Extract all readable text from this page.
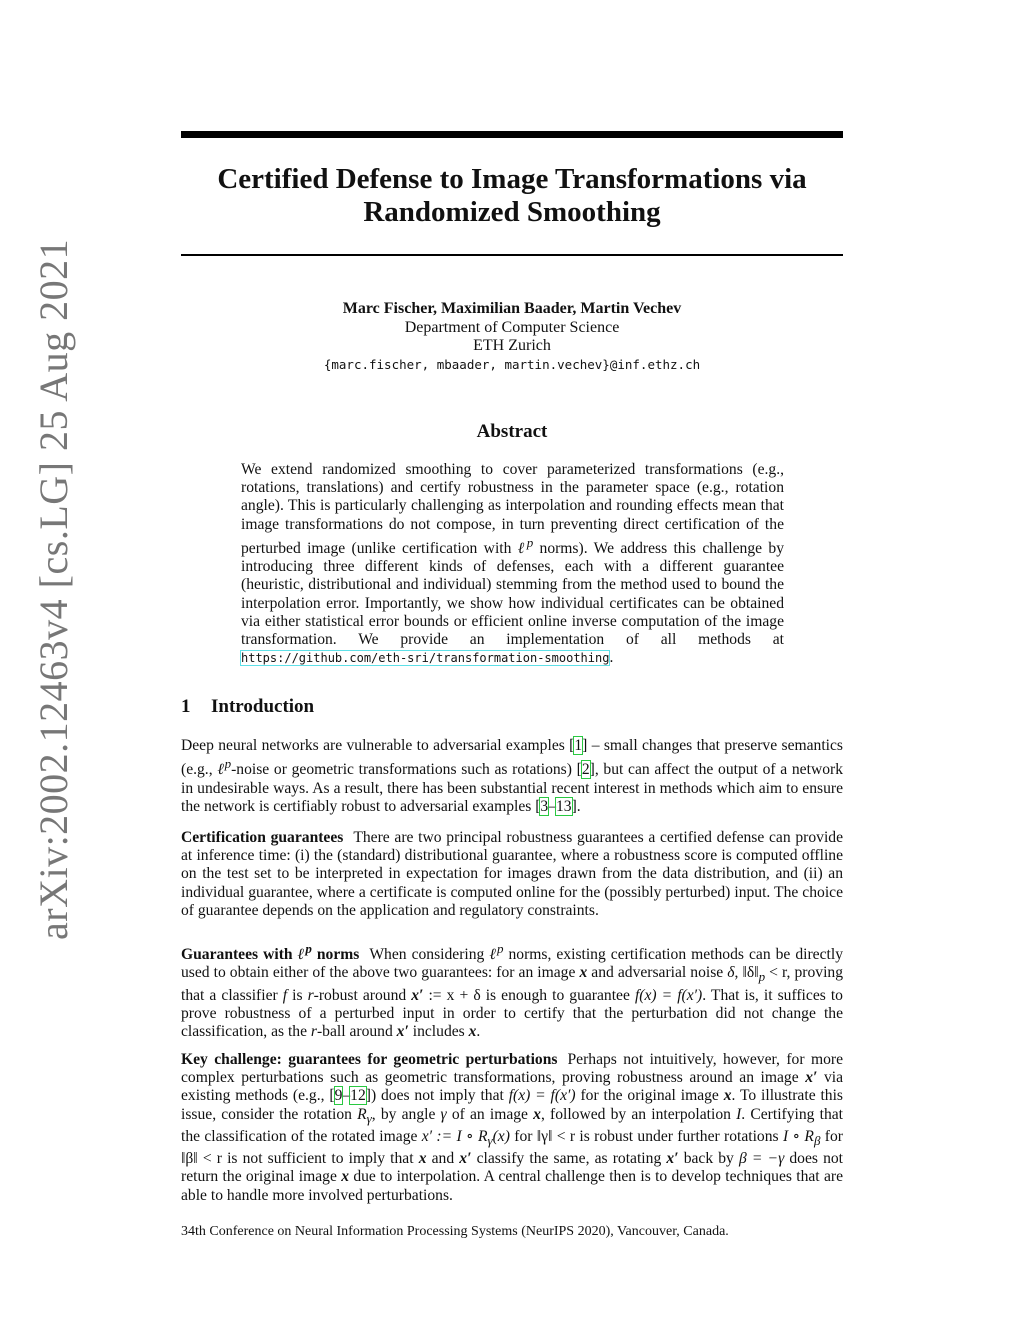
arXiv:2002.12463v4 [cs.LG] 25 Aug 2021
Certified Defense to Image Transformations via
Randomized Smoothing
Marc Fischer, Maximilian Baader, Martin Vechev
Department of Computer Science
ETH Zurich
{marc.fischer, mbaader, martin.vechev}@inf.ethz.ch
Abstract
We extend randomized smoothing to cover parameterized transformations (e.g., rotations, translations) and certify robustness in the parameter space (e.g., rotation angle). This is particularly challenging as interpolation and rounding effects mean that image transformations do not compose, in turn preventing direct certification of the perturbed image (unlike certification with ℓ$^p$ norms). We address this challenge by introducing three different kinds of defenses, each with a different guarantee (heuristic, distributional and individual) stemming from the method used to bound the interpolation error. Importantly, we show how individual certificates can be obtained via either statistical error bounds or efficient online inverse computation of the image transformation. We provide an implementation of all methods at https://github.com/eth-sri/transformation-smoothing.
1 Introduction
Deep neural networks are vulnerable to adversarial examples [1] – small changes that preserve semantics (e.g., ℓ$^p$-noise or geometric transformations such as rotations) [2], but can affect the output of a network in undesirable ways. As a result, there has been substantial recent interest in methods which aim to ensure the network is certifiably robust to adversarial examples [3–13].
Certification guarantees There are two principal robustness guarantees a certified defense can provide at inference time: (i) the (standard) distributional guarantee, where a robustness score is computed offline on the test set to be interpreted in expectation for images drawn from the data distribution, and (ii) an individual guarantee, where a certificate is computed online for the (possibly perturbed) input. The choice of guarantee depends on the application and regulatory constraints.
Guarantees with ℓ$^p$ norms When considering ℓ$^p$ norms, existing certification methods can be directly used to obtain either of the above two guarantees: for an image x and adversarial noise δ, $‖\delta‖_p < r$, proving that a classifier f is r-robust around x′ := x + δ is enough to guarantee f(x) = f(x′). That is, it suffices to prove robustness of a perturbed input in order to certify that the perturbation did not change the classification, as the r-ball around x′ includes x.
Key challenge: guarantees for geometric perturbations Perhaps not intuitively, however, for more complex perturbations such as geometric transformations, proving robustness around an image x′ via existing methods (e.g., [9–12]) does not imply that f(x) = f(x′) for the original image x. To illustrate this issue, consider the rotation $R_\gamma$, by angle γ of an image x, followed by an interpolation I. Certifying that the classification of the rotated image x′ := I ∘ $R_\gamma(x)$ for ‖γ‖ < r is robust under further rotations I ∘ $R_\beta$ for ‖β‖ < r is not sufficient to imply that x and x′ classify the same, as rotating x′ back by β = −γ does not return the original image x due to interpolation. A central challenge then is to develop techniques that are able to handle more involved perturbations.
34th Conference on Neural Information Processing Systems (NeurIPS 2020), Vancouver, Canada.
